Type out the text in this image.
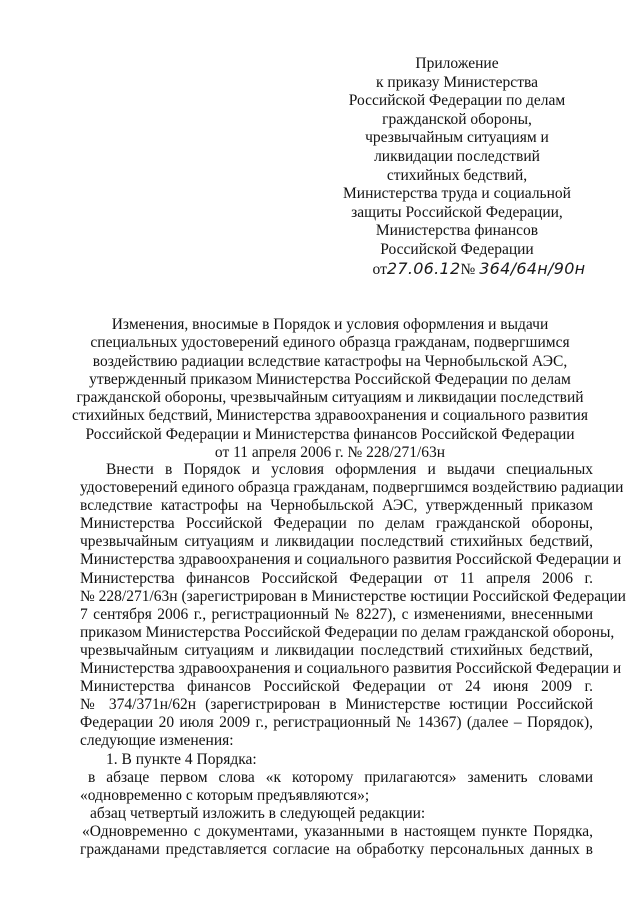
Приложение
к приказу Министерства
Российской Федерации по делам
гражданской обороны,
чрезвычайным ситуациям и
ликвидации последствий
стихийных бедствий,
Министерства труда и социальной
защиты Российской Федерации,
Министерства финансов
Российской Федерации
от27.06.12№ 364/64н/90н
Изменения, вносимые в Порядок и условия оформления и выдачи
специальных удостоверений единого образца гражданам, подвергшимся
воздействию радиации вследствие катастрофы на Чернобыльской АЭС,
утвержденный приказом Министерства Российской Федерации по делам
гражданской обороны, чрезвычайным ситуациям и ликвидации последствий
стихийных бедствий, Министерства здравоохранения и социального развития
Российской Федерации и Министерства финансов Российской Федерации
от 11 апреля 2006 г. № 228/271/63н
Внести в Порядок и условия оформления и выдачи специальных
удостоверений единого образца гражданам, подвергшимся воздействию радиации
вследствие катастрофы на Чернобыльской АЭС, утвержденный приказом
Министерства Российской Федерации по делам гражданской обороны,
чрезвычайным ситуациям и ликвидации последствий стихийных бедствий,
Министерства здравоохранения и социального развития Российской Федерации и
Министерства финансов Российской Федерации от 11 апреля 2006 г.
№ 228/271/63н (зарегистрирован в Министерстве юстиции Российской Федерации
7 сентября 2006 г., регистрационный № 8227), с изменениями, внесенными
приказом Министерства Российской Федерации по делам гражданской обороны,
чрезвычайным ситуациям и ликвидации последствий стихийных бедствий,
Министерства здравоохранения и социального развития Российской Федерации и
Министерства финансов Российской Федерации от 24 июня 2009 г.
№ 374/371н/62н (зарегистрирован в Министерстве юстиции Российской
Федерации 20 июля 2009 г., регистрационный № 14367) (далее – Порядок),
следующие изменения:
1. В пункте 4 Порядка:
в абзаце первом слова «к которому прилагаются» заменить словами
«одновременно с которым предъявляются»;
абзац четвертый изложить в следующей редакции:
«Одновременно с документами, указанными в настоящем пункте Порядка,
гражданами представляется согласие на обработку персональных данных в
